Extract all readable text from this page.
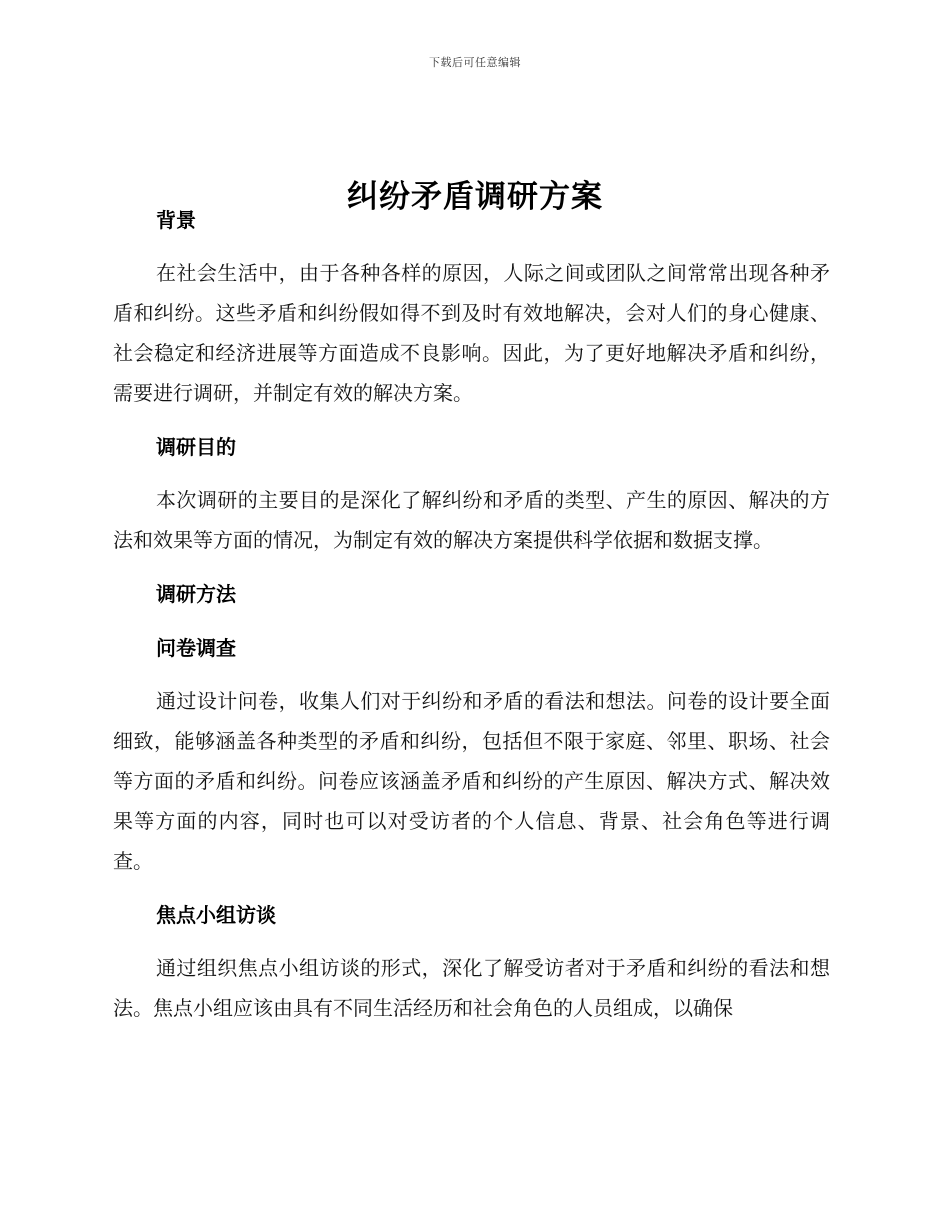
下载后可任意编辑
纠纷矛盾调研方案

背景

在社会生活中，由于各种各样的原因，人际之间或团队之间常常出现各种矛盾和纠纷。这些矛盾和纠纷假如得不到及时有效地解决，会对人们的身心健康、社会稳定和经济进展等方面造成不良影响。因此，为了更好地解决矛盾和纠纷，需要进行调研，并制定有效的解决方案。

调研目的

本次调研的主要目的是深化了解纠纷和矛盾的类型、产生的原因、解决的方法和效果等方面的情况，为制定有效的解决方案提供科学依据和数据支撑。

调研方法

问卷调查

通过设计问卷，收集人们对于纠纷和矛盾的看法和想法。问卷的设计要全面细致，能够涵盖各种类型的矛盾和纠纷，包括但不限于家庭、邻里、职场、社会等方面的矛盾和纠纷。问卷应该涵盖矛盾和纠纷的产生原因、解决方式、解决效果等方面的内容，同时也可以对受访者的个人信息、背景、社会角色等进行调查。

焦点小组访谈

通过组织焦点小组访谈的形式，深化了解受访者对于矛盾和纠纷的看法和想法。焦点小组应该由具有不同生活经历和社会角色的人员组成，以确保
